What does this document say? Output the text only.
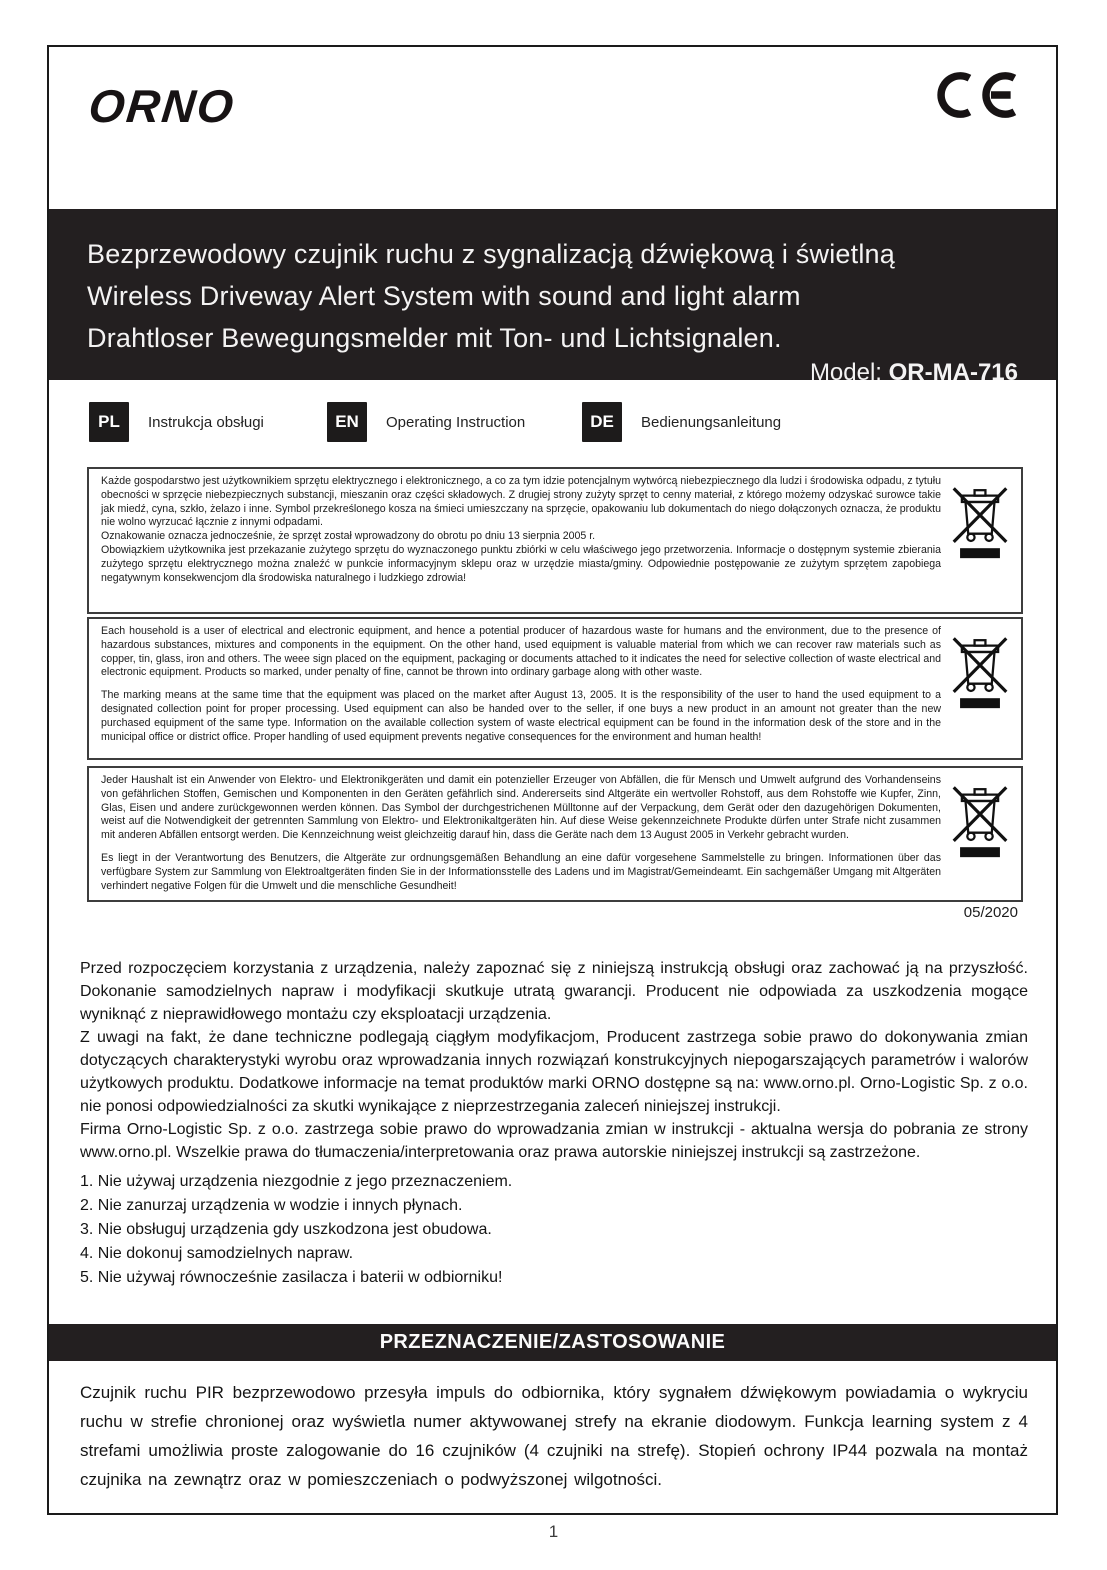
ORNO
Bezprzewodowy czujnik ruchu z sygnalizacją dźwiękową i świetlną
Wireless Driveway Alert System with sound and light alarm
Drahtloser Bewegungsmelder mit Ton- und Lichtsignalen.
Model: OR-MA-716
PL	Instrukcja obsługi	EN	Operating Instruction	DE	Bedienungsanleitung

Każde gospodarstwo jest użytkownikiem sprzętu elektrycznego i elektronicznego, a co za tym idzie potencjalnym wytwórcą niebezpiecznego dla ludzi i środowiska odpadu, z tytułu obecności w sprzęcie niebezpiecznych substancji, mieszanin oraz części składowych. Z drugiej strony zużyty sprzęt to cenny materiał, z którego możemy odzyskać surowce takie jak miedź, cyna, szkło, żelazo i inne. Symbol przekreślonego kosza na śmieci umieszczany na sprzęcie, opakowaniu lub dokumentach do niego dołączonych oznacza, że produktu nie wolno wyrzucać łącznie z innymi odpadami.

Oznakowanie oznacza jednocześnie, że sprzęt został wprowadzony do obrotu po dniu 13 sierpnia 2005 r.

Obowiązkiem użytkownika jest przekazanie zużytego sprzętu do wyznaczonego punktu zbiórki w celu właściwego jego przetworzenia. Informacje o dostępnym systemie zbierania zużytego sprzętu elektrycznego można znaleźć w punkcie informacyjnym sklepu oraz w urzędzie miasta/gminy. Odpowiednie postępowanie ze zużytym sprzętem zapobiega negatywnym konsekwencjom dla środowiska naturalnego i ludzkiego zdrowia!

Each household is a user of electrical and electronic equipment, and hence a potential producer of hazardous waste for humans and the environment, due to the presence of hazardous substances, mixtures and components in the equipment. On the other hand, used equipment is valuable material from which we can recover raw materials such as copper, tin, glass, iron and others. The weee sign placed on the equipment, packaging or documents attached to it indicates the need for selective collection of waste electrical and electronic equipment. Products so marked, under penalty of fine, cannot be thrown into ordinary garbage along with other waste.

The marking means at the same time that the equipment was placed on the market after August 13, 2005. It is the responsibility of the user to hand the used equipment to a designated collection point for proper processing. Used equipment can also be handed over to the seller, if one buys a new product in an amount not greater than the new purchased equipment of the same type. Information on the available collection system of waste electrical equipment can be found in the information desk of the store and in the municipal office or district office. Proper handling of used equipment prevents negative consequences for the environment and human health!

Jeder Haushalt ist ein Anwender von Elektro- und Elektronikgeräten und damit ein potenzieller Erzeuger von Abfällen, die für Mensch und Umwelt aufgrund des Vorhandenseins von gefährlichen Stoffen, Gemischen und Komponenten in den Geräten gefährlich sind. Andererseits sind Altgeräte ein wertvoller Rohstoff, aus dem Rohstoffe wie Kupfer, Zinn, Glas, Eisen und andere zurückgewonnen werden können. Das Symbol der durchgestrichenen Mülltonne auf der Verpackung, dem Gerät oder den dazugehörigen Dokumenten, weist auf die Notwendigkeit der getrennten Sammlung von Elektro- und Elektronikaltgeräten hin. Auf diese Weise gekennzeichnete Produkte dürfen unter Strafe nicht zusammen mit anderen Abfällen entsorgt werden. Die Kennzeichnung weist gleichzeitig darauf hin, dass die Geräte nach dem 13 August 2005 in Verkehr gebracht wurden.

Es liegt in der Verantwortung des Benutzers, die Altgeräte zur ordnungsgemäßen Behandlung an eine dafür vorgesehene Sammelstelle zu bringen. Informationen über das verfügbare System zur Sammlung von Elektroaltgeräten finden Sie in der Informationsstelle des Ladens und im Magistrat/Gemeindeamt. Ein sachgemäßer Umgang mit Altgeräten verhindert negative Folgen für die Umwelt und die menschliche Gesundheit!

05/2020

Przed rozpoczęciem korzystania z urządzenia, należy zapoznać się z niniejszą instrukcją obsługi oraz zachować ją na przyszłość. Dokonanie samodzielnych napraw i modyfikacji skutkuje utratą gwarancji. Producent nie odpowiada za uszkodzenia mogące wyniknąć z nieprawidłowego montażu czy eksploatacji urządzenia.

Z uwagi na fakt, że dane techniczne podlegają ciągłym modyfikacjom, Producent zastrzega sobie prawo do dokonywania zmian dotyczących charakterystyki wyrobu oraz wprowadzania innych rozwiązań konstrukcyjnych niepogarszających parametrów i walorów użytkowych produktu. Dodatkowe informacje na temat produktów marki ORNO dostępne są na: www.orno.pl. Orno-Logistic Sp. z o.o. nie ponosi odpowiedzialności za skutki wynikające z nieprzestrzegania zaleceń niniejszej instrukcji.

Firma Orno-Logistic Sp. z o.o. zastrzega sobie prawo do wprowadzania zmian w instrukcji - aktualna wersja do pobrania ze strony www.orno.pl. Wszelkie prawa do tłumaczenia/interpretowania oraz prawa autorskie niniejszej instrukcji są zastrzeżone.

1. Nie używaj urządzenia niezgodnie z jego przeznaczeniem.
2. Nie zanurzaj urządzenia w wodzie i innych płynach.
3. Nie obsługuj urządzenia gdy uszkodzona jest obudowa.
4. Nie dokonuj samodzielnych napraw.
5. Nie używaj równocześnie zasilacza i baterii w odbiorniku!
PRZEZNACZENIE/ZASTOSOWANIE
Czujnik ruchu PIR bezprzewodowo przesyła impuls do odbiornika, który sygnałem dźwiękowym powiadamia o wykryciu ruchu w strefie chronionej oraz wyświetla numer aktywowanej strefy na ekranie diodowym. Funkcja learning system z 4 strefami umożliwia proste zalogowanie do 16 czujników (4 czujniki na strefę). Stopień ochrony IP44 pozwala na montaż czujnika na zewnątrz oraz w pomieszczeniach o podwyższonej wilgotności.
1
